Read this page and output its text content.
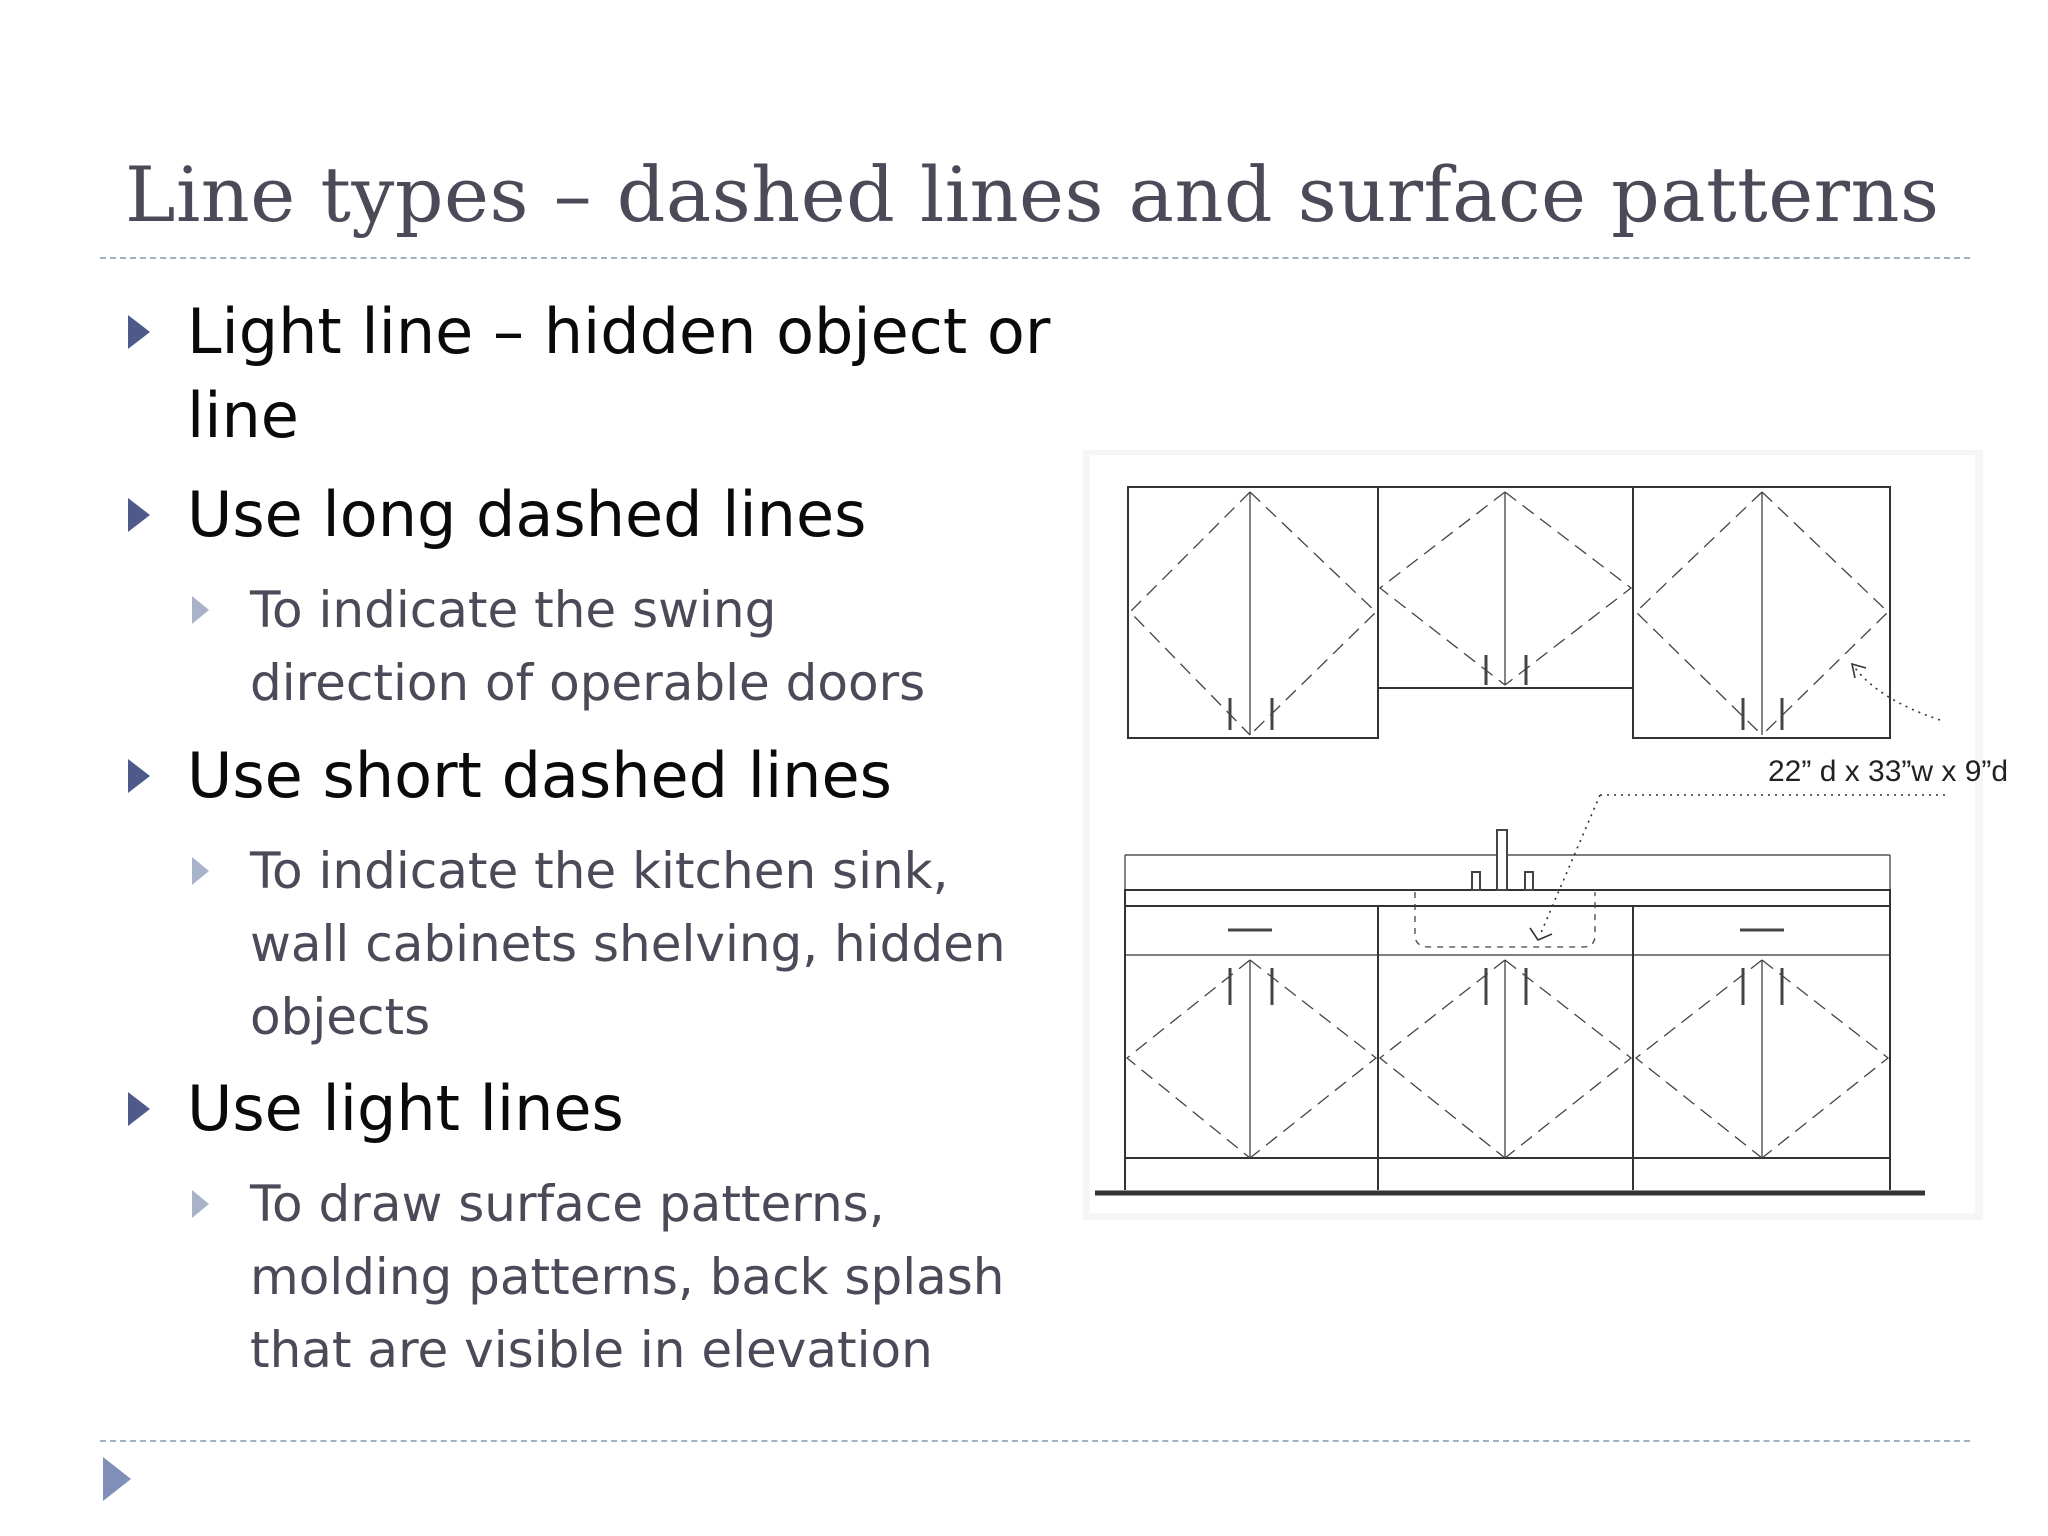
Line types – dashed lines and surface patterns
Light line – hidden object or
line
Use long dashed lines
To indicate the swing
direction of operable doors
Use short dashed lines
To indicate the kitchen sink,
wall cabinets shelving, hidden
objects
Use light lines
To draw surface patterns,
molding patterns, back splash
that are visible in elevation
22” d x 33”w x 9”d
